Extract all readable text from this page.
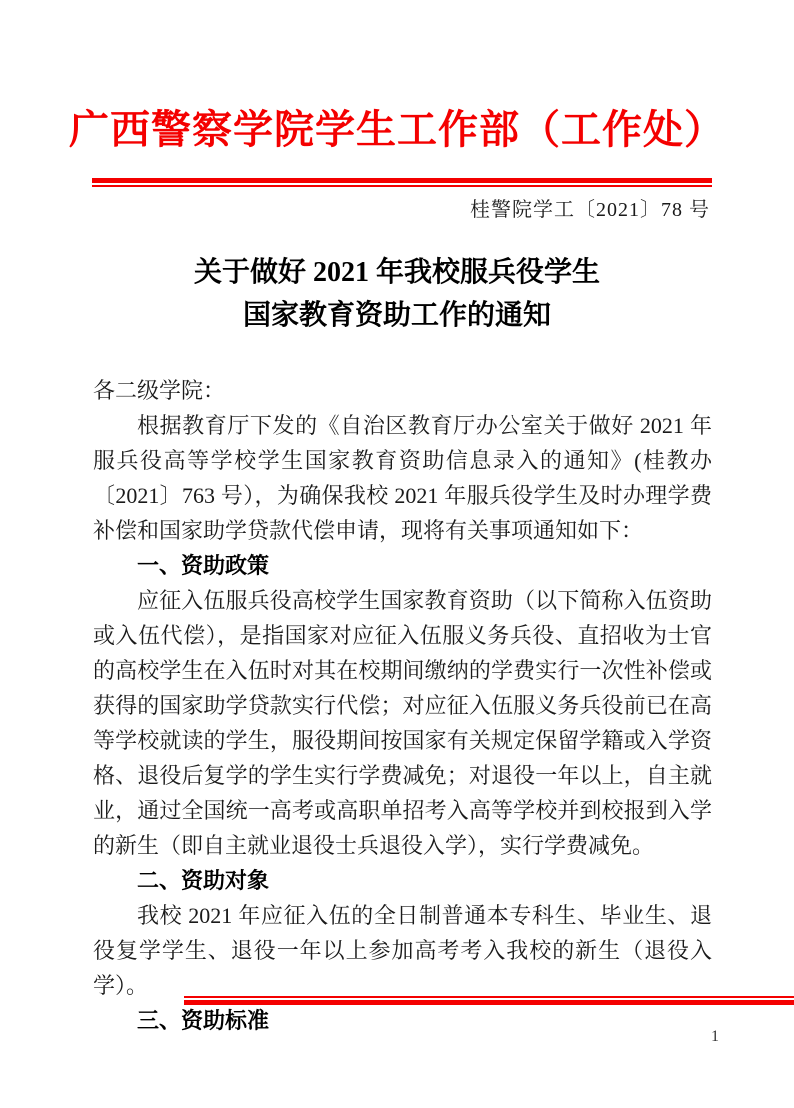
广西警察学院学生工作部（工作处）
桂警院学工〔2021〕78 号
关于做好 2021 年我校服兵役学生
国家教育资助工作的通知

各二级学院：

根据教育厅下发的《自治区教育厅办公室关于做好 2021 年服兵役高等学校学生国家教育资助信息录入的通知》(桂教办〔2021〕763 号），为确保我校 2021 年服兵役学生及时办理学费补偿和国家助学贷款代偿申请，现将有关事项通知如下：

一、资助政策

应征入伍服兵役高校学生国家教育资助（以下简称入伍资助或入伍代偿），是指国家对应征入伍服义务兵役、直招收为士官的高校学生在入伍时对其在校期间缴纳的学费实行一次性补偿或获得的国家助学贷款实行代偿；对应征入伍服义务兵役前已在高等学校就读的学生，服役期间按国家有关规定保留学籍或入学资格、退役后复学的学生实行学费减免；对退役一年以上，自主就业，通过全国统一高考或高职单招考入高等学校并到校报到入学的新生（即自主就业退役士兵退役入学），实行学费减免。

二、资助对象

我校 2021 年应征入伍的全日制普通本专科生、毕业生、退役复学学生、退役一年以上参加高考考入我校的新生（退役入学）。

三、资助标准
1
